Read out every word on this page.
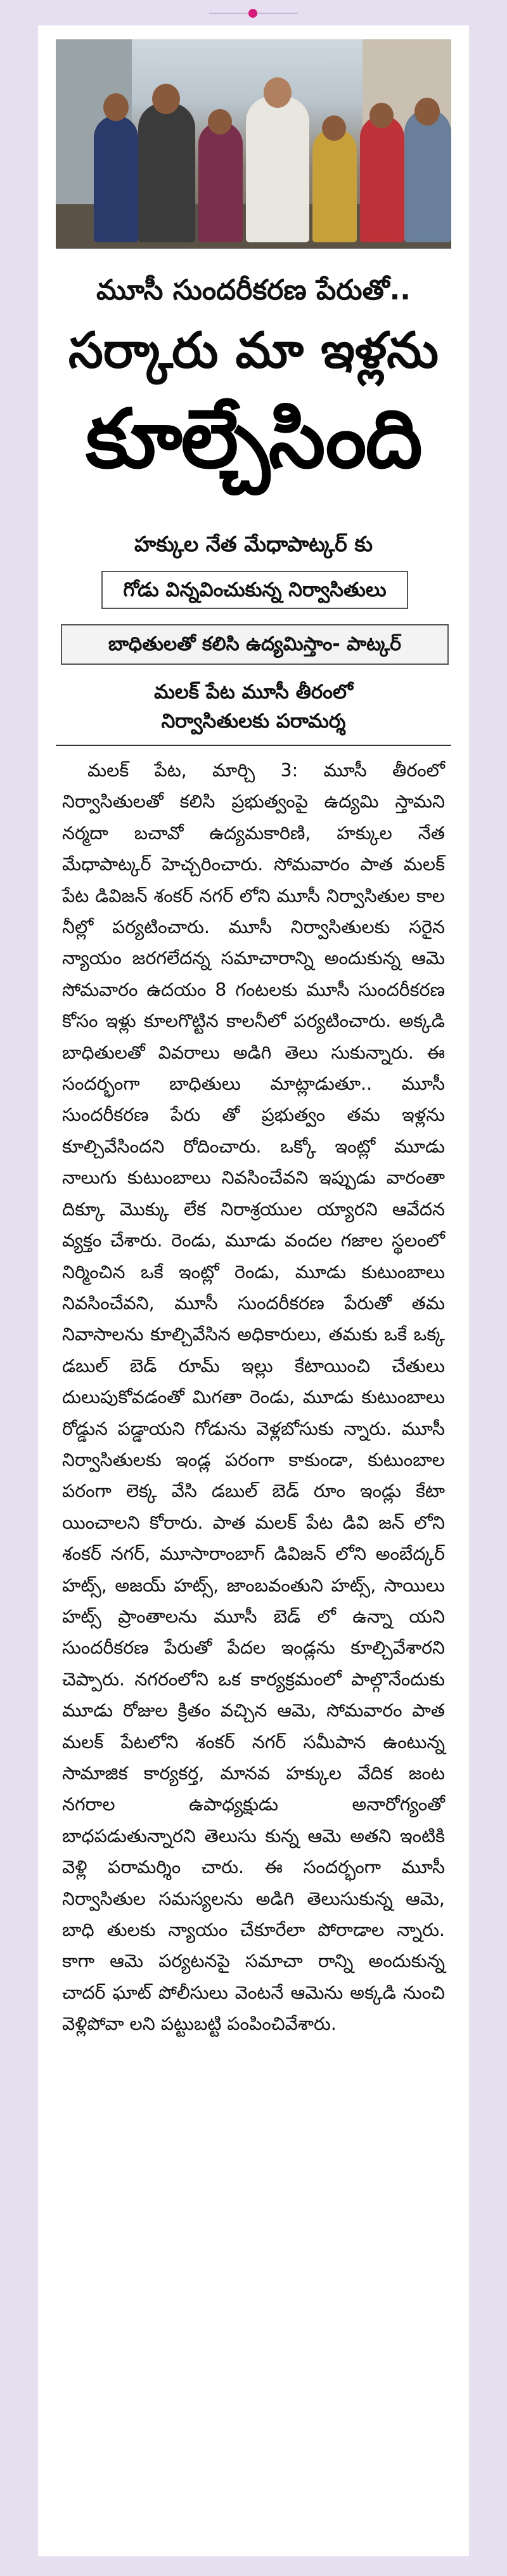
మూసీ సుందరీకరణ పేరుతో..
సర్కారు మా ఇళ్లను
కూల్చేసింది
హక్కుల నేత మేధాపాట్కర్ కు
గోడు విన్నవించుకున్న నిర్వాసితులు
బాధితులతో కలిసి ఉద్యమిస్తాం- పాట్కర్
మలక్ పేట మూసీ తీరంలో
నిర్వాసితులకు పరామర్శ

మలక్ పేట, మార్చి 3: మూసీ తీరంలో నిర్వాసితులతో కలిసి ప్రభుత్వంపై ఉద్యమి స్తామని నర్మదా బచావో ఉద్యమకారిణి, హక్కుల నేత మేధాపాట్కర్ హెచ్చరించారు. సోమవారం పాత మలక్ పేట డివిజన్ శంకర్ నగర్ లోని మూసీ నిర్వాసితుల కాల నీల్లో పర్యటించారు. మూసీ నిర్వాసితులకు సరైన న్యాయం జరగలేదన్న సమాచారాన్ని అందుకున్న ఆమె సోమవారం ఉదయం 8 గంటలకు మూసీ సుందరీకరణ కోసం ఇళ్లు కూలగొట్టిన కాలనీలో పర్యటించారు. అక్కడి బాధితులతో వివరాలు అడిగి తెలు సుకున్నారు. ఈ సందర్భంగా బాధితులు మాట్లాడుతూ.. మూసీ సుందరీకరణ పేరు తో ప్రభుత్వం తమ ఇళ్లను కూల్చివేసిందని రోదించారు. ఒక్కో ఇంట్లో మూడు నాలుగు కుటుంబాలు నివసించేవని ఇప్పుడు వారంతా దిక్కూ మొక్కు లేక నిరాశ్రయుల య్యారని ఆవేదన వ్యక్తం చేశారు. రెండు, మూడు వందల గజాల స్థలంలో నిర్మించిన ఒకే ఇంట్లో రెండు, మూడు కుటుంబాలు నివసించేవని, మూసీ సుందరీకరణ పేరుతో తమ నివాసాలను కూల్చివేసిన అధికారులు, తమకు ఒకే ఒక్క డబుల్ బెడ్ రూమ్ ఇల్లు కేటాయించి చేతులు దులుపుకోవడంతో మిగతా రెండు, మూడు కుటుంబాలు రోడ్డున పడ్డాయని గోడును వెళ్లబోసుకు న్నారు. మూసీ నిర్వాసితులకు ఇండ్ల పరంగా కాకుండా, కుటుంబాల పరంగా లెక్క వేసి డబుల్ బెడ్ రూం ఇండ్లు కేటా యించాలని కోరారు. పాత మలక్ పేట డివి జన్ లోని శంకర్ నగర్, మూసారాంబాగ్ డివిజన్ లోని అంబేద్కర్ హట్స్, అజయ్ హట్స్, జాంబవంతుని హట్స్, సాయిలు హట్స్ ప్రాంతాలను మూసీ బెడ్ లో ఉన్నా యని సుందరీకరణ పేరుతో పేదల ఇండ్లను కూల్చివేశారని చెప్పారు. నగరంలోని ఒక కార్యక్రమంలో పాల్గొనేందుకు మూడు రోజుల క్రితం వచ్చిన ఆమె, సోమవారం పాత మలక్ పేటలోని శంకర్ నగర్ సమీపాన ఉంటున్న సామాజిక కార్యకర్త, మానవ హక్కుల వేదిక జంట నగరాల ఉపాధ్యక్షుడు అనారోగ్యంతో బాధపడుతున్నారని తెలుసు కున్న ఆమె అతని ఇంటికి వెళ్లి పరామర్శిం చారు. ఈ సందర్భంగా మూసీ నిర్వాసితుల సమస్యలను అడిగి తెలుసుకున్న ఆమె, బాధి తులకు న్యాయం చేకూరేలా పోరాడాల న్నారు. కాగా ఆమె పర్యటనపై సమాచా రాన్ని అందుకున్న చాదర్ ఘాట్ పోలీసులు వెంటనే ఆమెను అక్కడి నుంచి వెళ్లిపోవా లని పట్టుబట్టి పంపించివేశారు.
